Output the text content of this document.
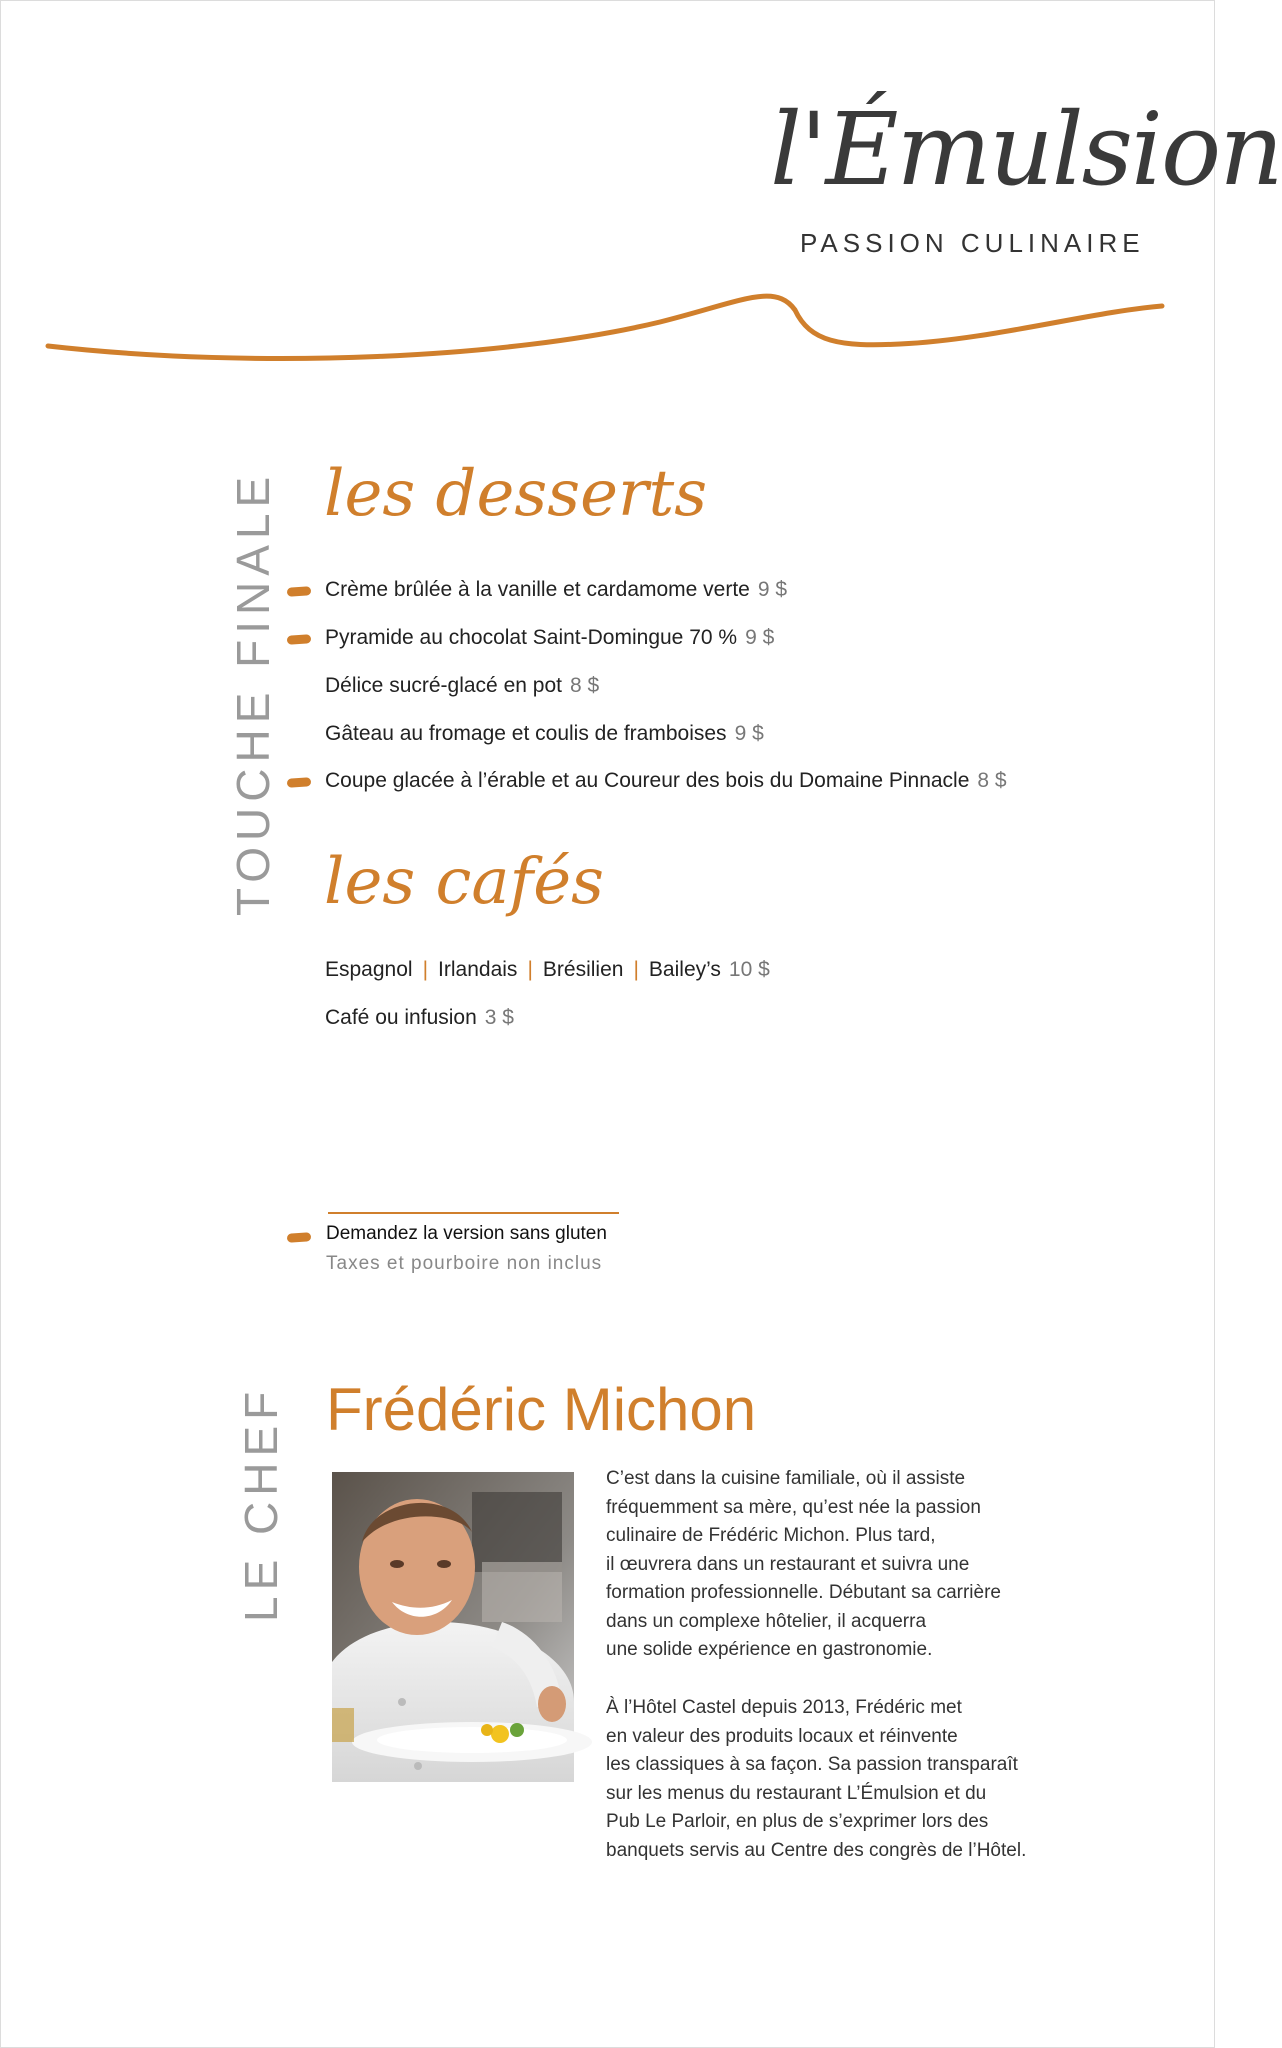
l'Émulsion
PASSION CULINAIRE
TOUCHE FINALE les desserts
Crème brûlée à la vanille et cardamome verte 9 $
Pyramide au chocolat Saint-Domingue 70 % 9 $
Délice sucré-glacé en pot 8 $
Gâteau au fromage et coulis de framboises 9 $
Coupe glacée à l’érable et au Coureur des bois du Domaine Pinnacle 8 $
les cafés
Espagnol | Irlandais | Brésilien | Bailey’s 10 $
Café ou infusion 3 $
Demandez la version sans gluten
Taxes et pourboire non inclus
LE CHEF Frédéric Michon

C’est dans la cuisine familiale, où il assiste

fréquemment sa mère, qu’est née la passion

culinaire de Frédéric Michon. Plus tard,

il œuvrera dans un restaurant et suivra une

formation professionnelle. Débutant sa carrière

dans un complexe hôtelier, il acquerra

une solide expérience en gastronomie.

À l’Hôtel Castel depuis 2013, Frédéric met

en valeur des produits locaux et réinvente

les classiques à sa façon. Sa passion transparaît

sur les menus du restaurant L’Émulsion et du

Pub Le Parloir, en plus de s’exprimer lors des

banquets servis au Centre des congrès de l’Hôtel.
